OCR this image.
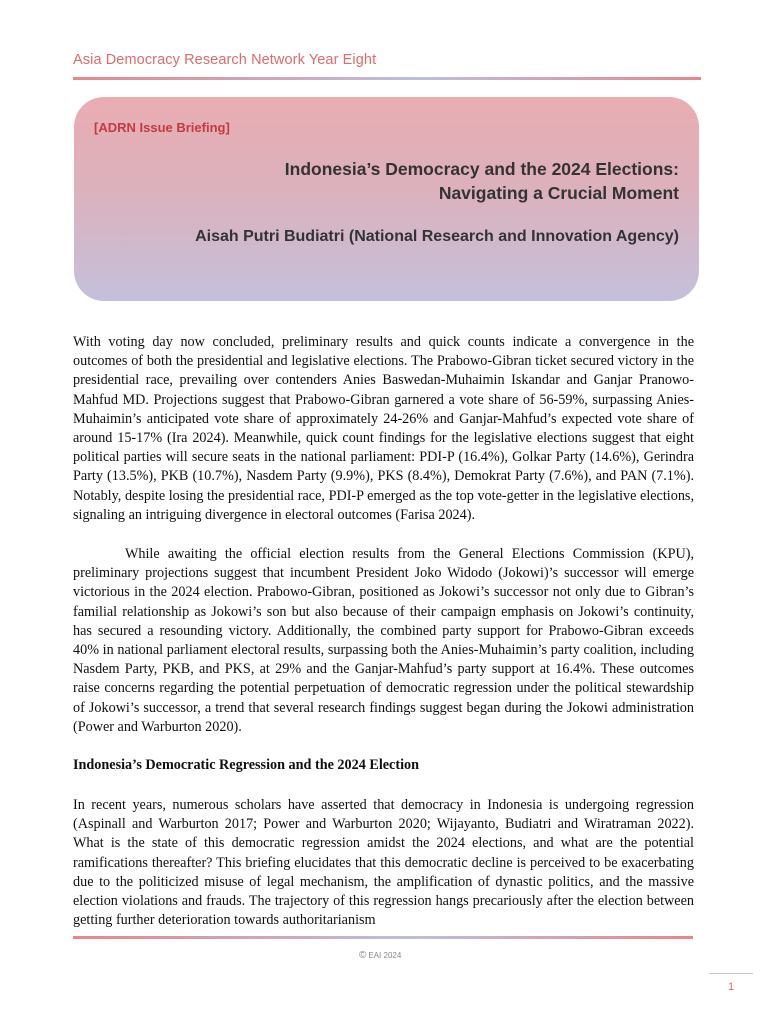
Asia Democracy Research Network Year Eight
[ADRN Issue Briefing]
Indonesia’s Democracy and the 2024 Elections:
Navigating a Crucial Moment
Aisah Putri Budiatri (National Research and Innovation Agency)

With voting day now concluded, preliminary results and quick counts indicate a convergence in the outcomes of both the presidential and legislative elections. The Prabowo-Gibran ticket secured victory in the presidential race, prevailing over contenders Anies Baswedan-Muhaimin Iskandar and Ganjar Pranowo-Mahfud MD. Projections suggest that Prabowo-Gibran garnered a vote share of 56-59%, surpassing Anies-Muhaimin’s anticipated vote share of approximately 24-26% and Ganjar-Mahfud’s expected vote share of around 15-17% (Ira 2024). Meanwhile, quick count findings for the legislative elections suggest that eight political parties will secure seats in the national parliament: PDI-P (16.4%), Golkar Party (14.6%), Gerindra Party (13.5%), PKB (10.7%), Nasdem Party (9.9%), PKS (8.4%), Demokrat Party (7.6%), and PAN (7.1%). Notably, despite losing the presidential race, PDI-P emerged as the top vote-getter in the legislative elections, signaling an intriguing divergence in electoral outcomes (Farisa 2024).

While awaiting the official election results from the General Elections Commission (KPU), preliminary projections suggest that incumbent President Joko Widodo (Jokowi)’s successor will emerge victorious in the 2024 election. Prabowo-Gibran, positioned as Jokowi’s successor not only due to Gibran’s familial relationship as Jokowi’s son but also because of their campaign emphasis on Jokowi’s continuity, has secured a resounding victory. Additionally, the combined party support for Prabowo-Gibran exceeds 40% in national parliament electoral results, surpassing both the Anies-Muhaimin’s party coalition, including Nasdem Party, PKB, and PKS, at 29% and the Ganjar-Mahfud’s party support at 16.4%. These outcomes raise concerns regarding the potential perpetuation of democratic regression under the political stewardship of Jokowi’s successor, a trend that several research findings suggest began during the Jokowi administration (Power and Warburton 2020).

Indonesia’s Democratic Regression and the 2024 Election

In recent years, numerous scholars have asserted that democracy in Indonesia is undergoing regression (Aspinall and Warburton 2017; Power and Warburton 2020; Wijayanto, Budiatri and Wiratraman 2022). What is the state of this democratic regression amidst the 2024 elections, and what are the potential ramifications thereafter? This briefing elucidates that this democratic decline is perceived to be exacerbating due to the politicized misuse of legal mechanism, the amplification of dynastic politics, and the massive election violations and frauds. The trajectory of this regression hangs precariously after the election between getting further deterioration towards authoritarianism

© EAI 2024
1
